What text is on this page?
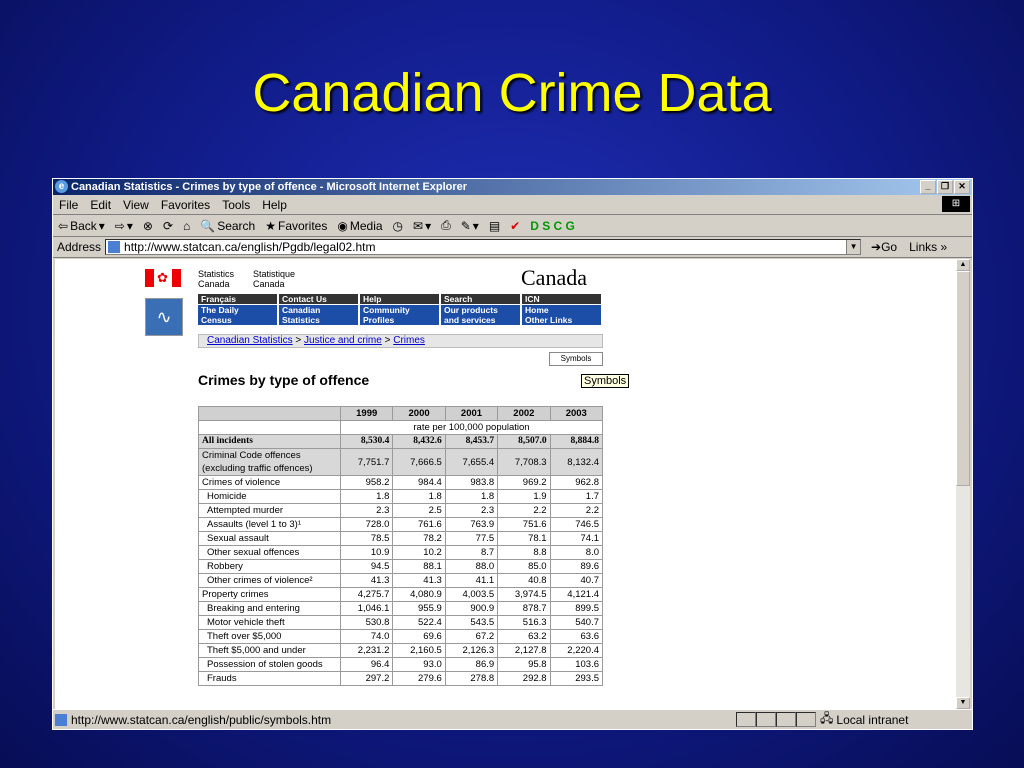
Canadian Crime Data
e Canadian Statistics - Crimes by type of offence - Microsoft Internet Explorer	_	❐	✕
File	Edit	View	Favorites	Tools	Help	⊞
⇦ Back ▾ ⇨ ▾ ⊗ ⟳ ⌂ 🔍 Search ★ Favorites ◉ Media ◷ ✉ ▾ ⎙ ✎ ▾ ▤ ✔ D S C G
Address	http://www.statcan.ca/english/Pgdb/legal02.htm	▼	➔Go	Links »
✿	Statistics
Canada
Statistique
Canada	Canada
∿
Français	Contact Us	Help	Search	ICN
The Daily
Census
Canadian
Statistics
Community
Profiles
Our products
and services
Home
Other Links
Canadian Statistics > Justice and crime > Crimes
Symbols
Crimes by type of offence	Symbols
	1999	2000	2001	2002	2003
	rate per 100,000 population				
All incidents	8,530.4	8,432.6	8,453.7	8,507.0	8,884.8
Criminal Code offences (excluding traffic offences)	7,751.7	7,666.5	7,655.4	7,708.3	8,132.4
Crimes of violence	958.2	984.4	983.8	969.2	962.8
Homicide	1.8	1.8	1.8	1.9	1.7
Attempted murder	2.3	2.5	2.3	2.2	2.2
Assaults (level 1 to 3)¹	728.0	761.6	763.9	751.6	746.5
Sexual assault	78.5	78.2	77.5	78.1	74.1
Other sexual offences	10.9	10.2	8.7	8.8	8.0
Robbery	94.5	88.1	88.0	85.0	89.6
Other crimes of violence²	41.3	41.3	41.1	40.8	40.7
Property crimes	4,275.7	4,080.9	4,003.5	3,974.5	4,121.4
Breaking and entering	1,046.1	955.9	900.9	878.7	899.5
Motor vehicle theft	530.8	522.4	543.5	516.3	540.7
Theft over $5,000	74.0	69.6	67.2	63.2	63.6
Theft $5,000 and under	2,231.2	2,160.5	2,126.3	2,127.8	2,220.4
Possession of stolen goods	96.4	93.0	86.9	95.8	103.6
Frauds	297.2	279.6	278.8	292.8	293.5
▲
▼
http://www.statcan.ca/english/public/symbols.htm	🖧 Local intranet
